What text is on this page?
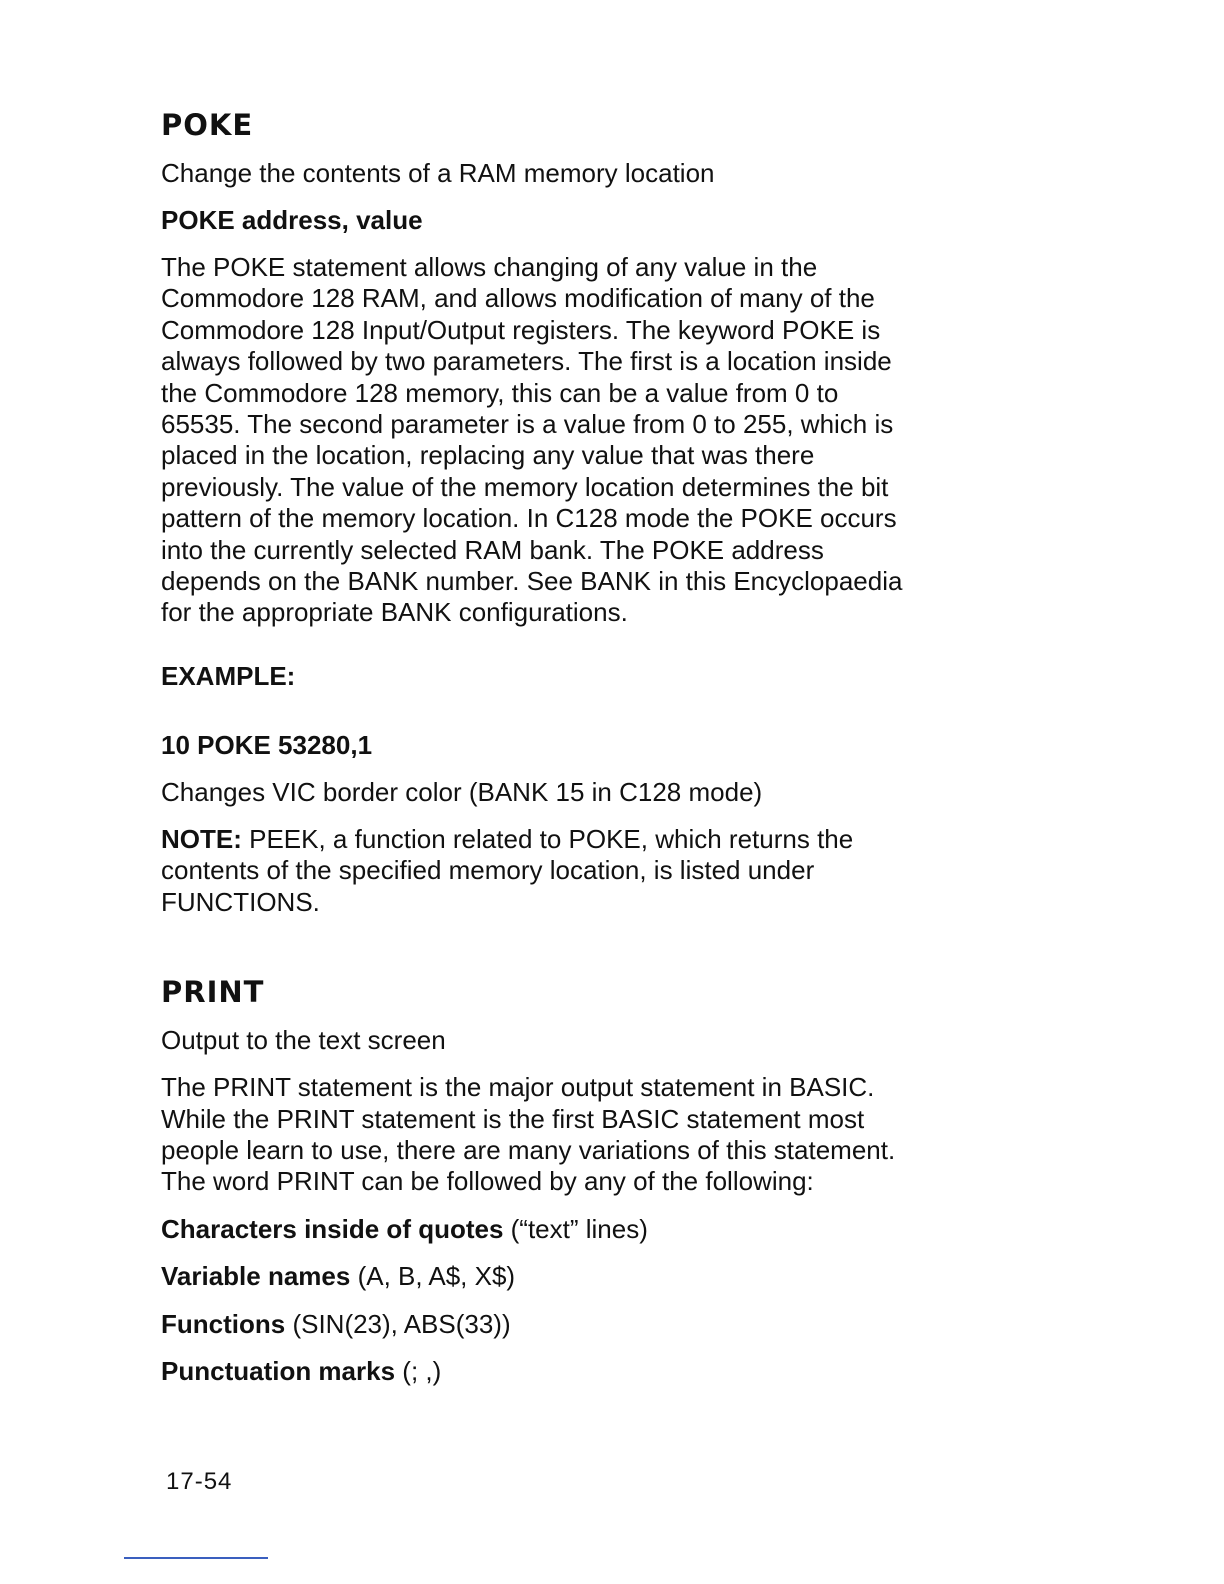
POKE

Change the contents of a RAM memory location

POKE address, value
The POKE statement allows changing of any value in the
Commodore 128 RAM, and allows modification of many of the
Commodore 128 Input/Output registers. The keyword POKE is
always followed by two parameters. The first is a location inside
the Commodore 128 memory, this can be a value from 0 to
65535. The second parameter is a value from 0 to 255, which is
placed in the location, replacing any value that was there
previously. The value of the memory location determines the bit
pattern of the memory location. In C128 mode the POKE occurs
into the currently selected RAM bank. The POKE address
depends on the BANK number. See BANK in this Encyclopaedia
for the appropriate BANK configurations.
EXAMPLE:
10 POKE 53280,1

Changes VIC border color (BANK 15 in C128 mode)

NOTE: PEEK, a function related to POKE, which returns the
contents of the specified memory location, is listed under
FUNCTIONS.
PRINT

Output to the text screen

The PRINT statement is the major output statement in BASIC.
While the PRINT statement is the first BASIC statement most
people learn to use, there are many variations of this statement.
The word PRINT can be followed by any of the following:
Characters inside of quotes (“text” lines)
Variable names (A, B, A$, X$)
Functions (SIN(23), ABS(33))
Punctuation marks (; ,)
17-54
